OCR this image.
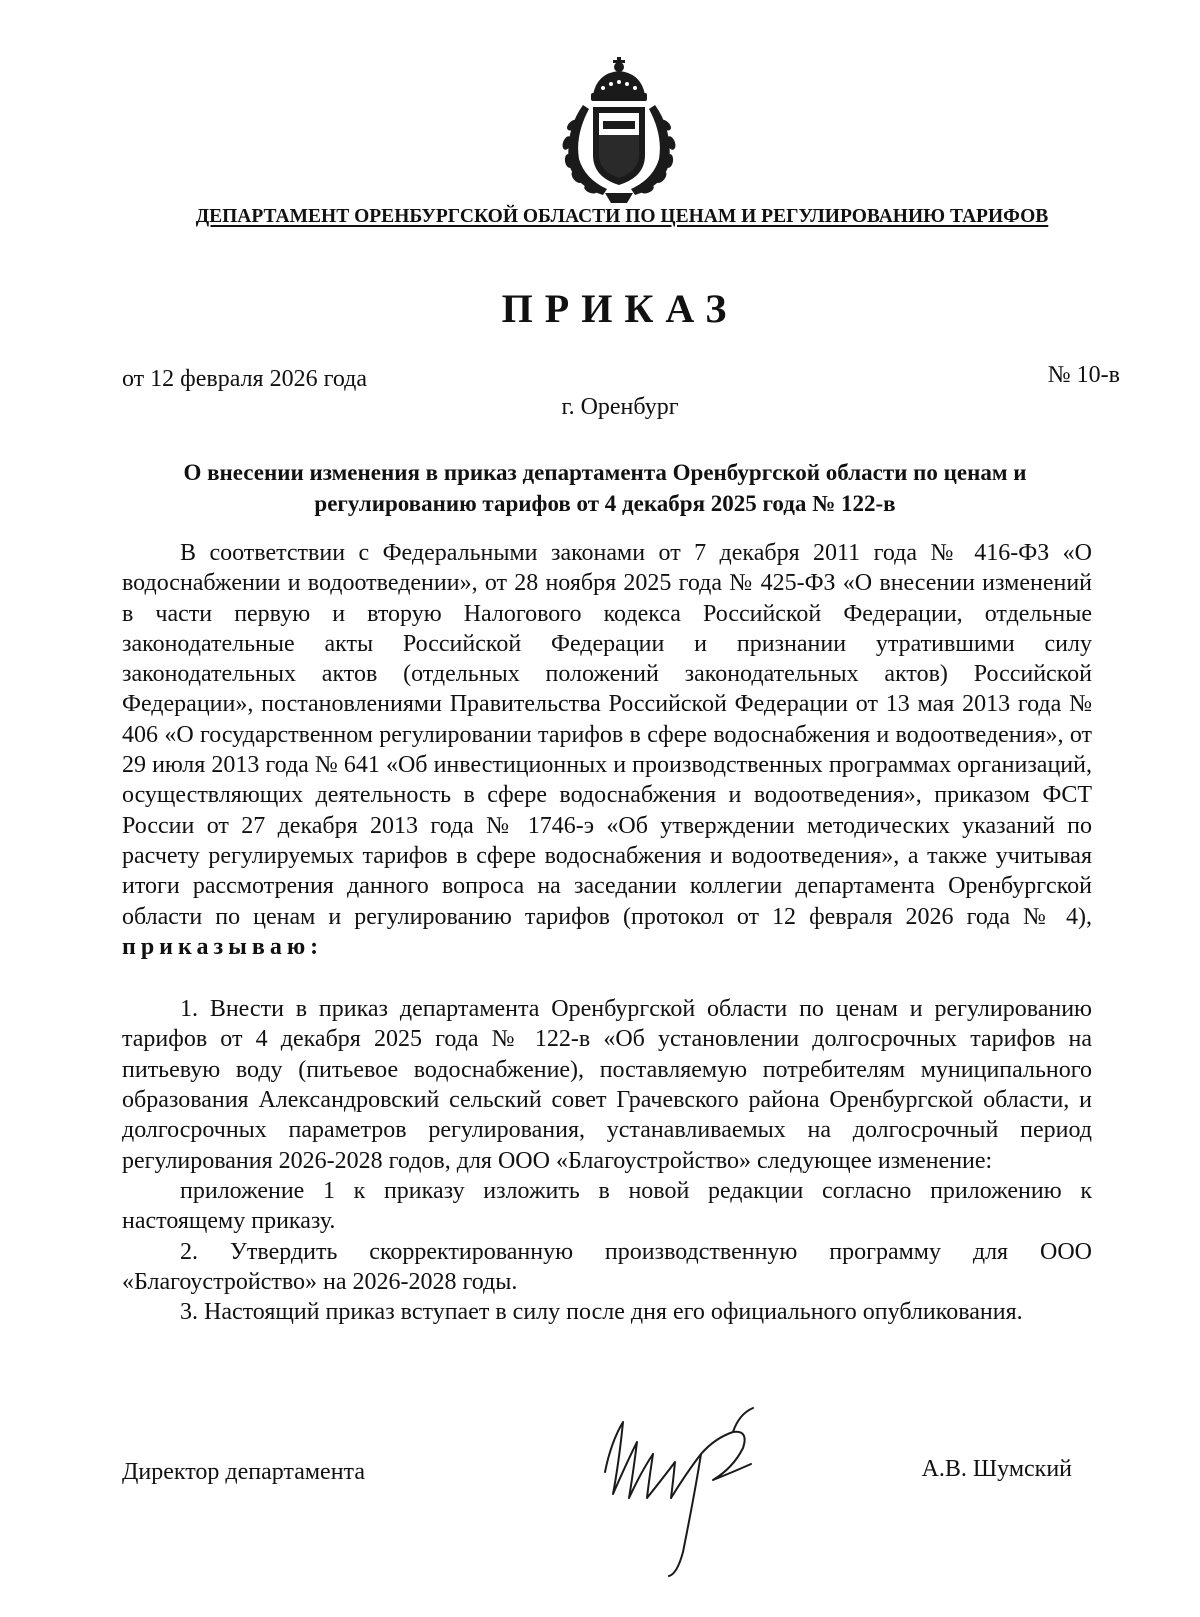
ДЕПАРТАМЕНТ ОРЕНБУРГСКОЙ ОБЛАСТИ ПО ЦЕНАМ И РЕГУЛИРОВАНИЮ ТАРИФОВ
ПРИКАЗ
от 12 февраля 2026 года	№ 10-в
г. Оренбург
О внесении изменения в приказ департамента Оренбургской области по ценам и регулированию тарифов от 4 декабря 2025 года № 122-в

В соответствии с Федеральными законами от 7 декабря 2011 года № 416-ФЗ «О водоснабжении и водоотведении», от 28 ноября 2025 года № 425-ФЗ «О внесении изменений в части первую и вторую Налогового кодекса Российской Федерации, отдельные законодательные акты Российской Федерации и признании утратившими силу законодательных актов (отдельных положений законодательных актов) Российской Федерации», постановлениями Правительства Российской Федерации от 13 мая 2013 года № 406 «О государственном регулировании тарифов в сфере водоснабжения и водоотведения», от 29 июля 2013 года № 641 «Об инвестиционных и производственных программах организаций, осуществляющих деятельность в сфере водоснабжения и водоотведения», приказом ФСТ России от 27 декабря 2013 года № 1746-э «Об утверждении методических указаний по расчету регулируемых тарифов в сфере водоснабжения и водоотведения», а также учитывая итоги рассмотрения данного вопроса на заседании коллегии департамента Оренбургской области по ценам и регулированию тарифов (протокол от 12 февраля 2026 года № 4), приказываю:

1. Внести в приказ департамента Оренбургской области по ценам и регулированию тарифов от 4 декабря 2025 года № 122-в «Об установлении долгосрочных тарифов на питьевую воду (питьевое водоснабжение), поставляемую потребителям муниципального образования Александровский сельский совет Грачевского района Оренбургской области, и долгосрочных параметров регулирования, устанавливаемых на долгосрочный период регулирования 2026-2028 годов, для ООО «Благоустройство» следующее изменение:

приложение 1 к приказу изложить в новой редакции согласно приложению к настоящему приказу.

2. Утвердить скорректированную производственную программу для ООО «Благоустройство» на 2026-2028 годы.

3. Настоящий приказ вступает в силу после дня его официального опубликования.

Директор департамента	А.В. Шумский
